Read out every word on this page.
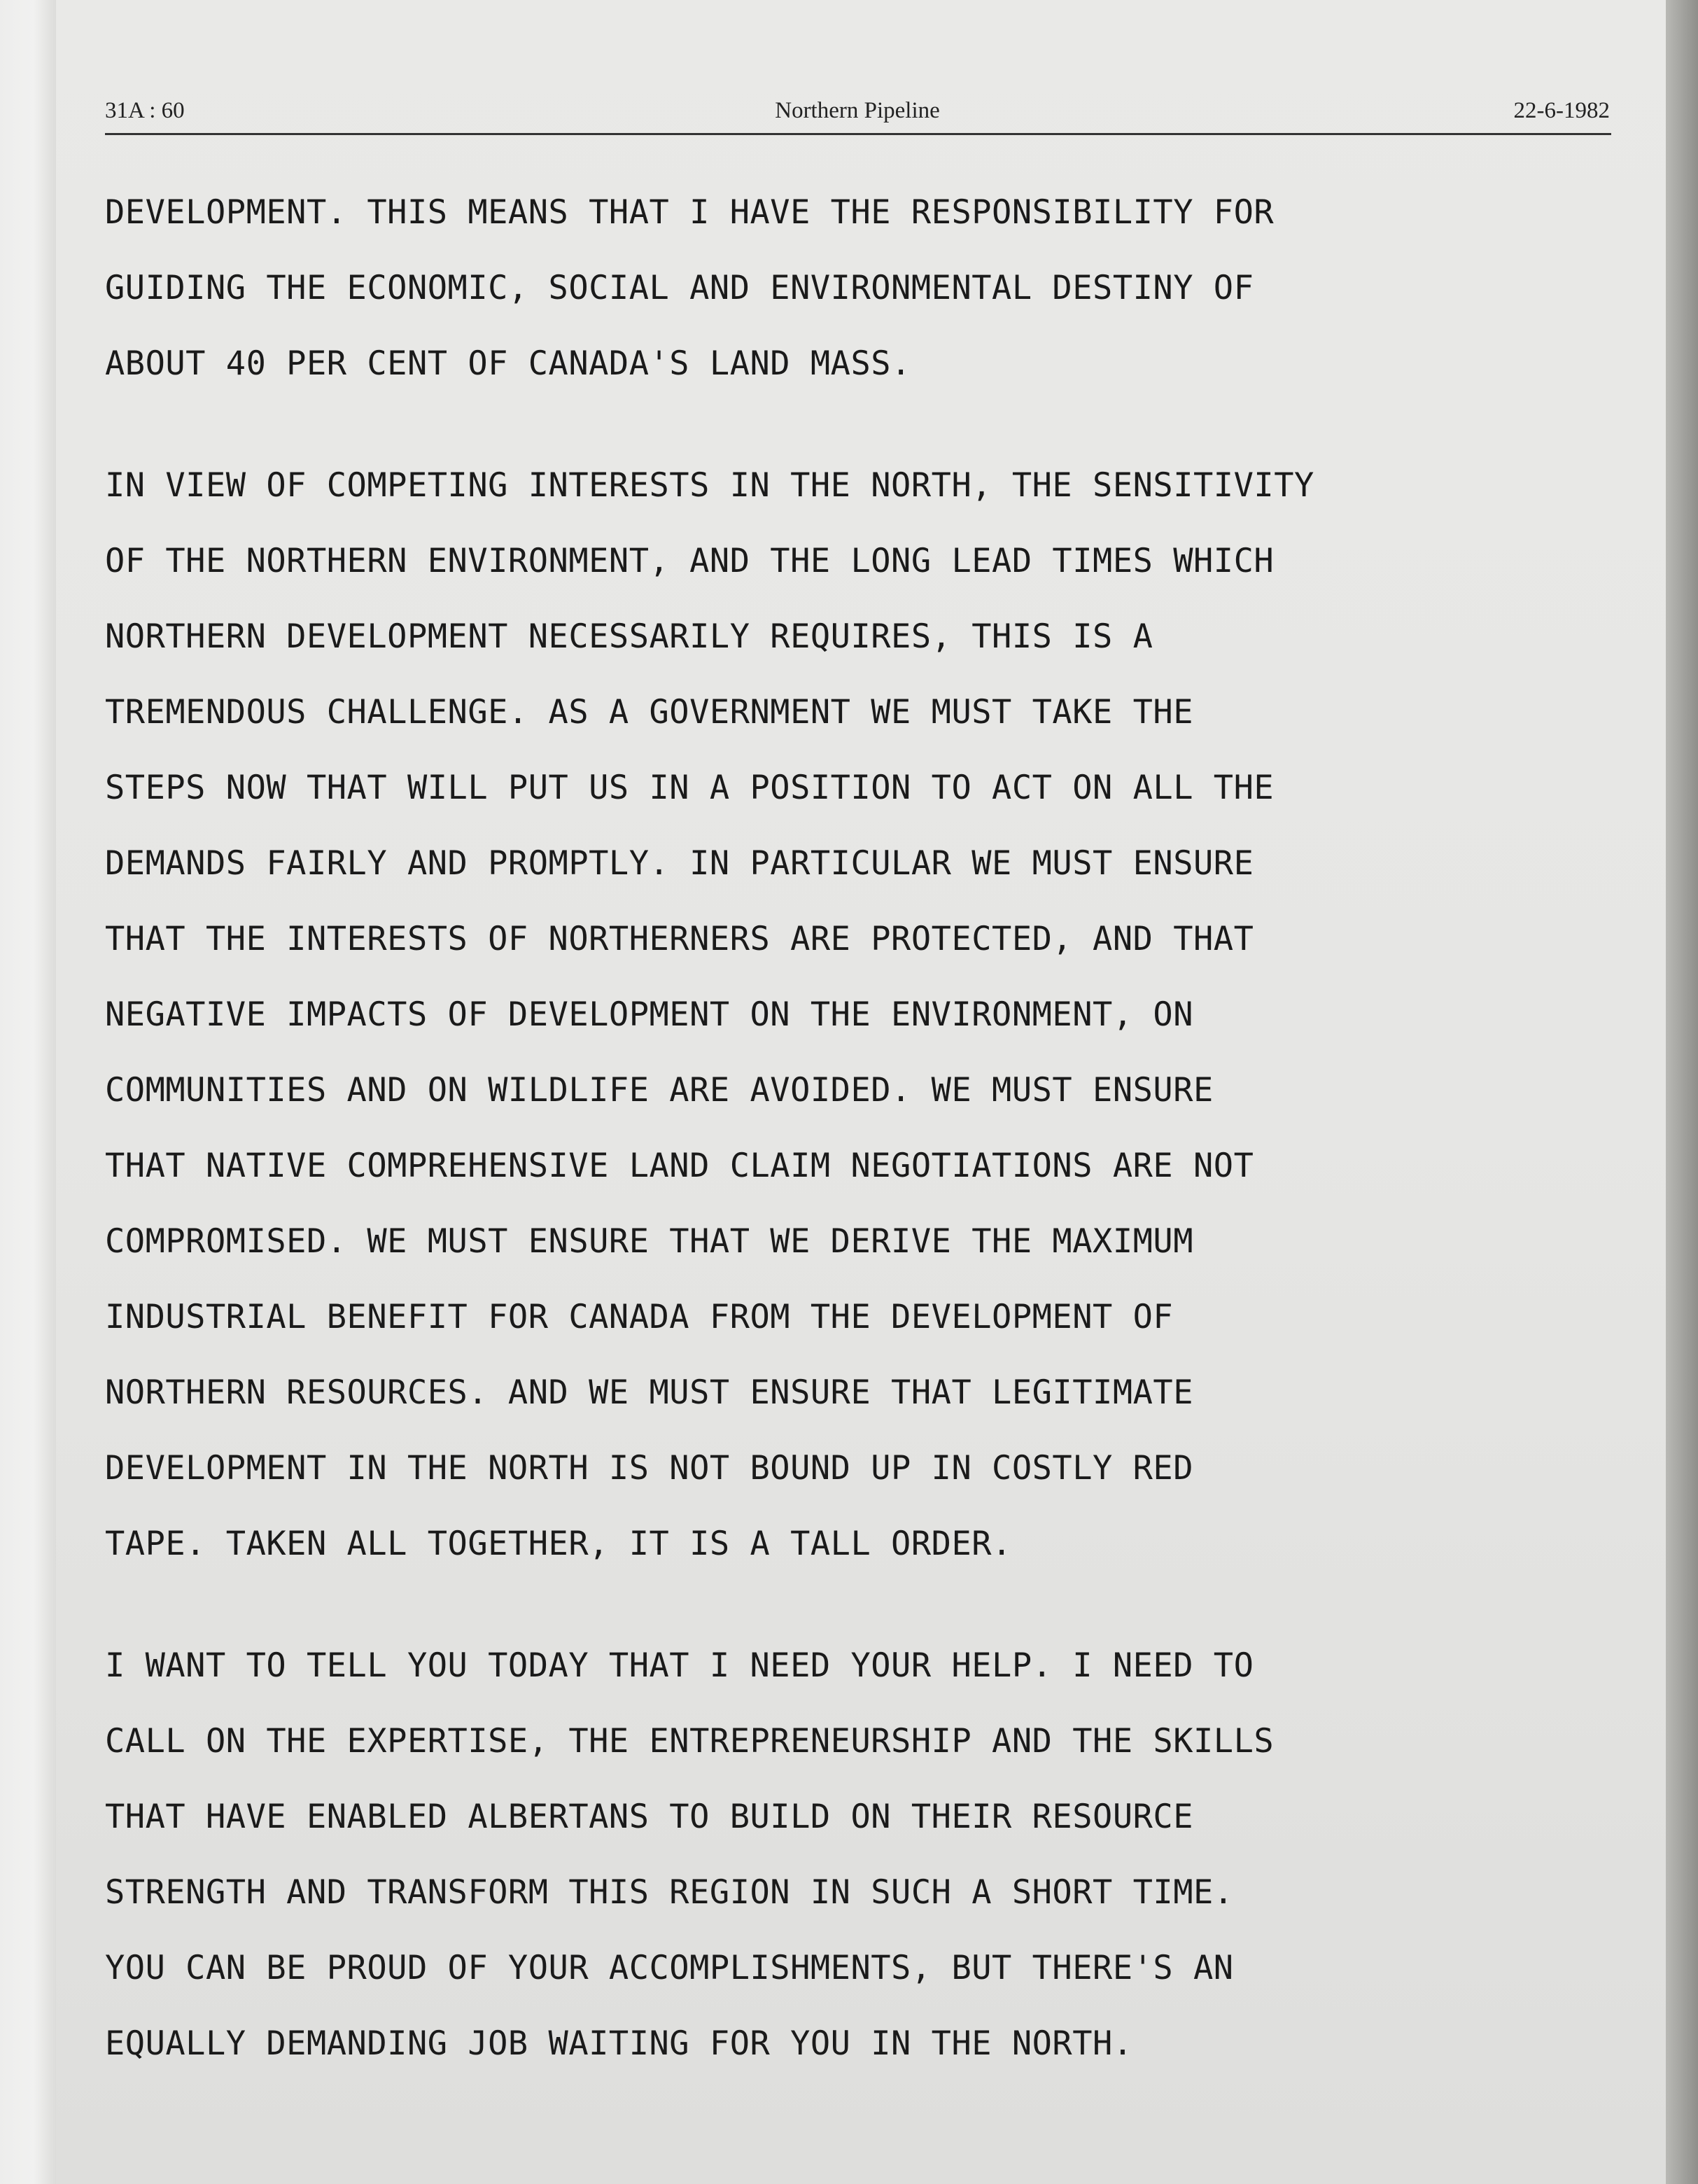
31A : 60	Northern Pipeline	22-6-1982
DEVELOPMENT. THIS MEANS THAT I HAVE THE RESPONSIBILITY FOR
GUIDING THE ECONOMIC, SOCIAL AND ENVIRONMENTAL DESTINY OF
ABOUT 40 PER CENT OF CANADA'S LAND MASS.
IN VIEW OF COMPETING INTERESTS IN THE NORTH, THE SENSITIVITY
OF THE NORTHERN ENVIRONMENT, AND THE LONG LEAD TIMES WHICH
NORTHERN DEVELOPMENT NECESSARILY REQUIRES, THIS IS A
TREMENDOUS CHALLENGE. AS A GOVERNMENT WE MUST TAKE THE
STEPS NOW THAT WILL PUT US IN A POSITION TO ACT ON ALL THE
DEMANDS FAIRLY AND PROMPTLY. IN PARTICULAR WE MUST ENSURE
THAT THE INTERESTS OF NORTHERNERS ARE PROTECTED, AND THAT
NEGATIVE IMPACTS OF DEVELOPMENT ON THE ENVIRONMENT, ON
COMMUNITIES AND ON WILDLIFE ARE AVOIDED. WE MUST ENSURE
THAT NATIVE COMPREHENSIVE LAND CLAIM NEGOTIATIONS ARE NOT
COMPROMISED. WE MUST ENSURE THAT WE DERIVE THE MAXIMUM
INDUSTRIAL BENEFIT FOR CANADA FROM THE DEVELOPMENT OF
NORTHERN RESOURCES. AND WE MUST ENSURE THAT LEGITIMATE
DEVELOPMENT IN THE NORTH IS NOT BOUND UP IN COSTLY RED
TAPE. TAKEN ALL TOGETHER, IT IS A TALL ORDER.
I WANT TO TELL YOU TODAY THAT I NEED YOUR HELP. I NEED TO
CALL ON THE EXPERTISE, THE ENTREPRENEURSHIP AND THE SKILLS
THAT HAVE ENABLED ALBERTANS TO BUILD ON THEIR RESOURCE
STRENGTH AND TRANSFORM THIS REGION IN SUCH A SHORT TIME.
YOU CAN BE PROUD OF YOUR ACCOMPLISHMENTS, BUT THERE'S AN
EQUALLY DEMANDING JOB WAITING FOR YOU IN THE NORTH.
